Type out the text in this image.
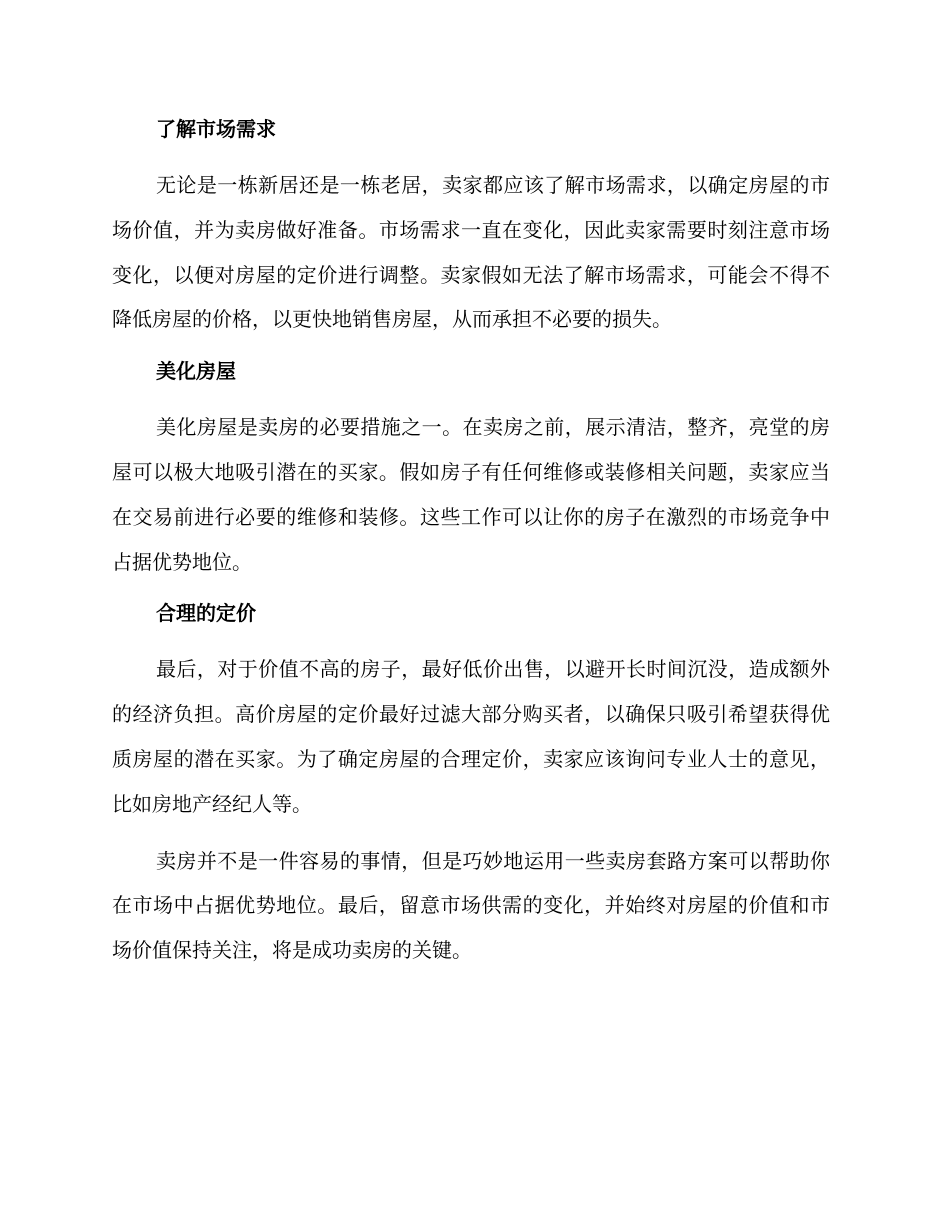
了解市场需求

无论是一栋新居还是一栋老居，卖家都应该了解市场需求，以确定房屋的市场价值，并为卖房做好准备。市场需求一直在变化，因此卖家需要时刻注意市场变化，以便对房屋的定价进行调整。卖家假如无法了解市场需求，可能会不得不降低房屋的价格，以更快地销售房屋，从而承担不必要的损失。

美化房屋

美化房屋是卖房的必要措施之一。在卖房之前，展示清洁，整齐，亮堂的房屋可以极大地吸引潜在的买家。假如房子有任何维修或装修相关问题，卖家应当在交易前进行必要的维修和装修。这些工作可以让你的房子在激烈的市场竞争中占据优势地位。

合理的定价

最后，对于价值不高的房子，最好低价出售，以避开长时间沉没，造成额外的经济负担。高价房屋的定价最好过滤大部分购买者，以确保只吸引希望获得优质房屋的潜在买家。为了确定房屋的合理定价，卖家应该询问专业人士的意见，比如房地产经纪人等。

卖房并不是一件容易的事情，但是巧妙地运用一些卖房套路方案可以帮助你在市场中占据优势地位。最后，留意市场供需的变化，并始终对房屋的价值和市场价值保持关注，将是成功卖房的关键。
